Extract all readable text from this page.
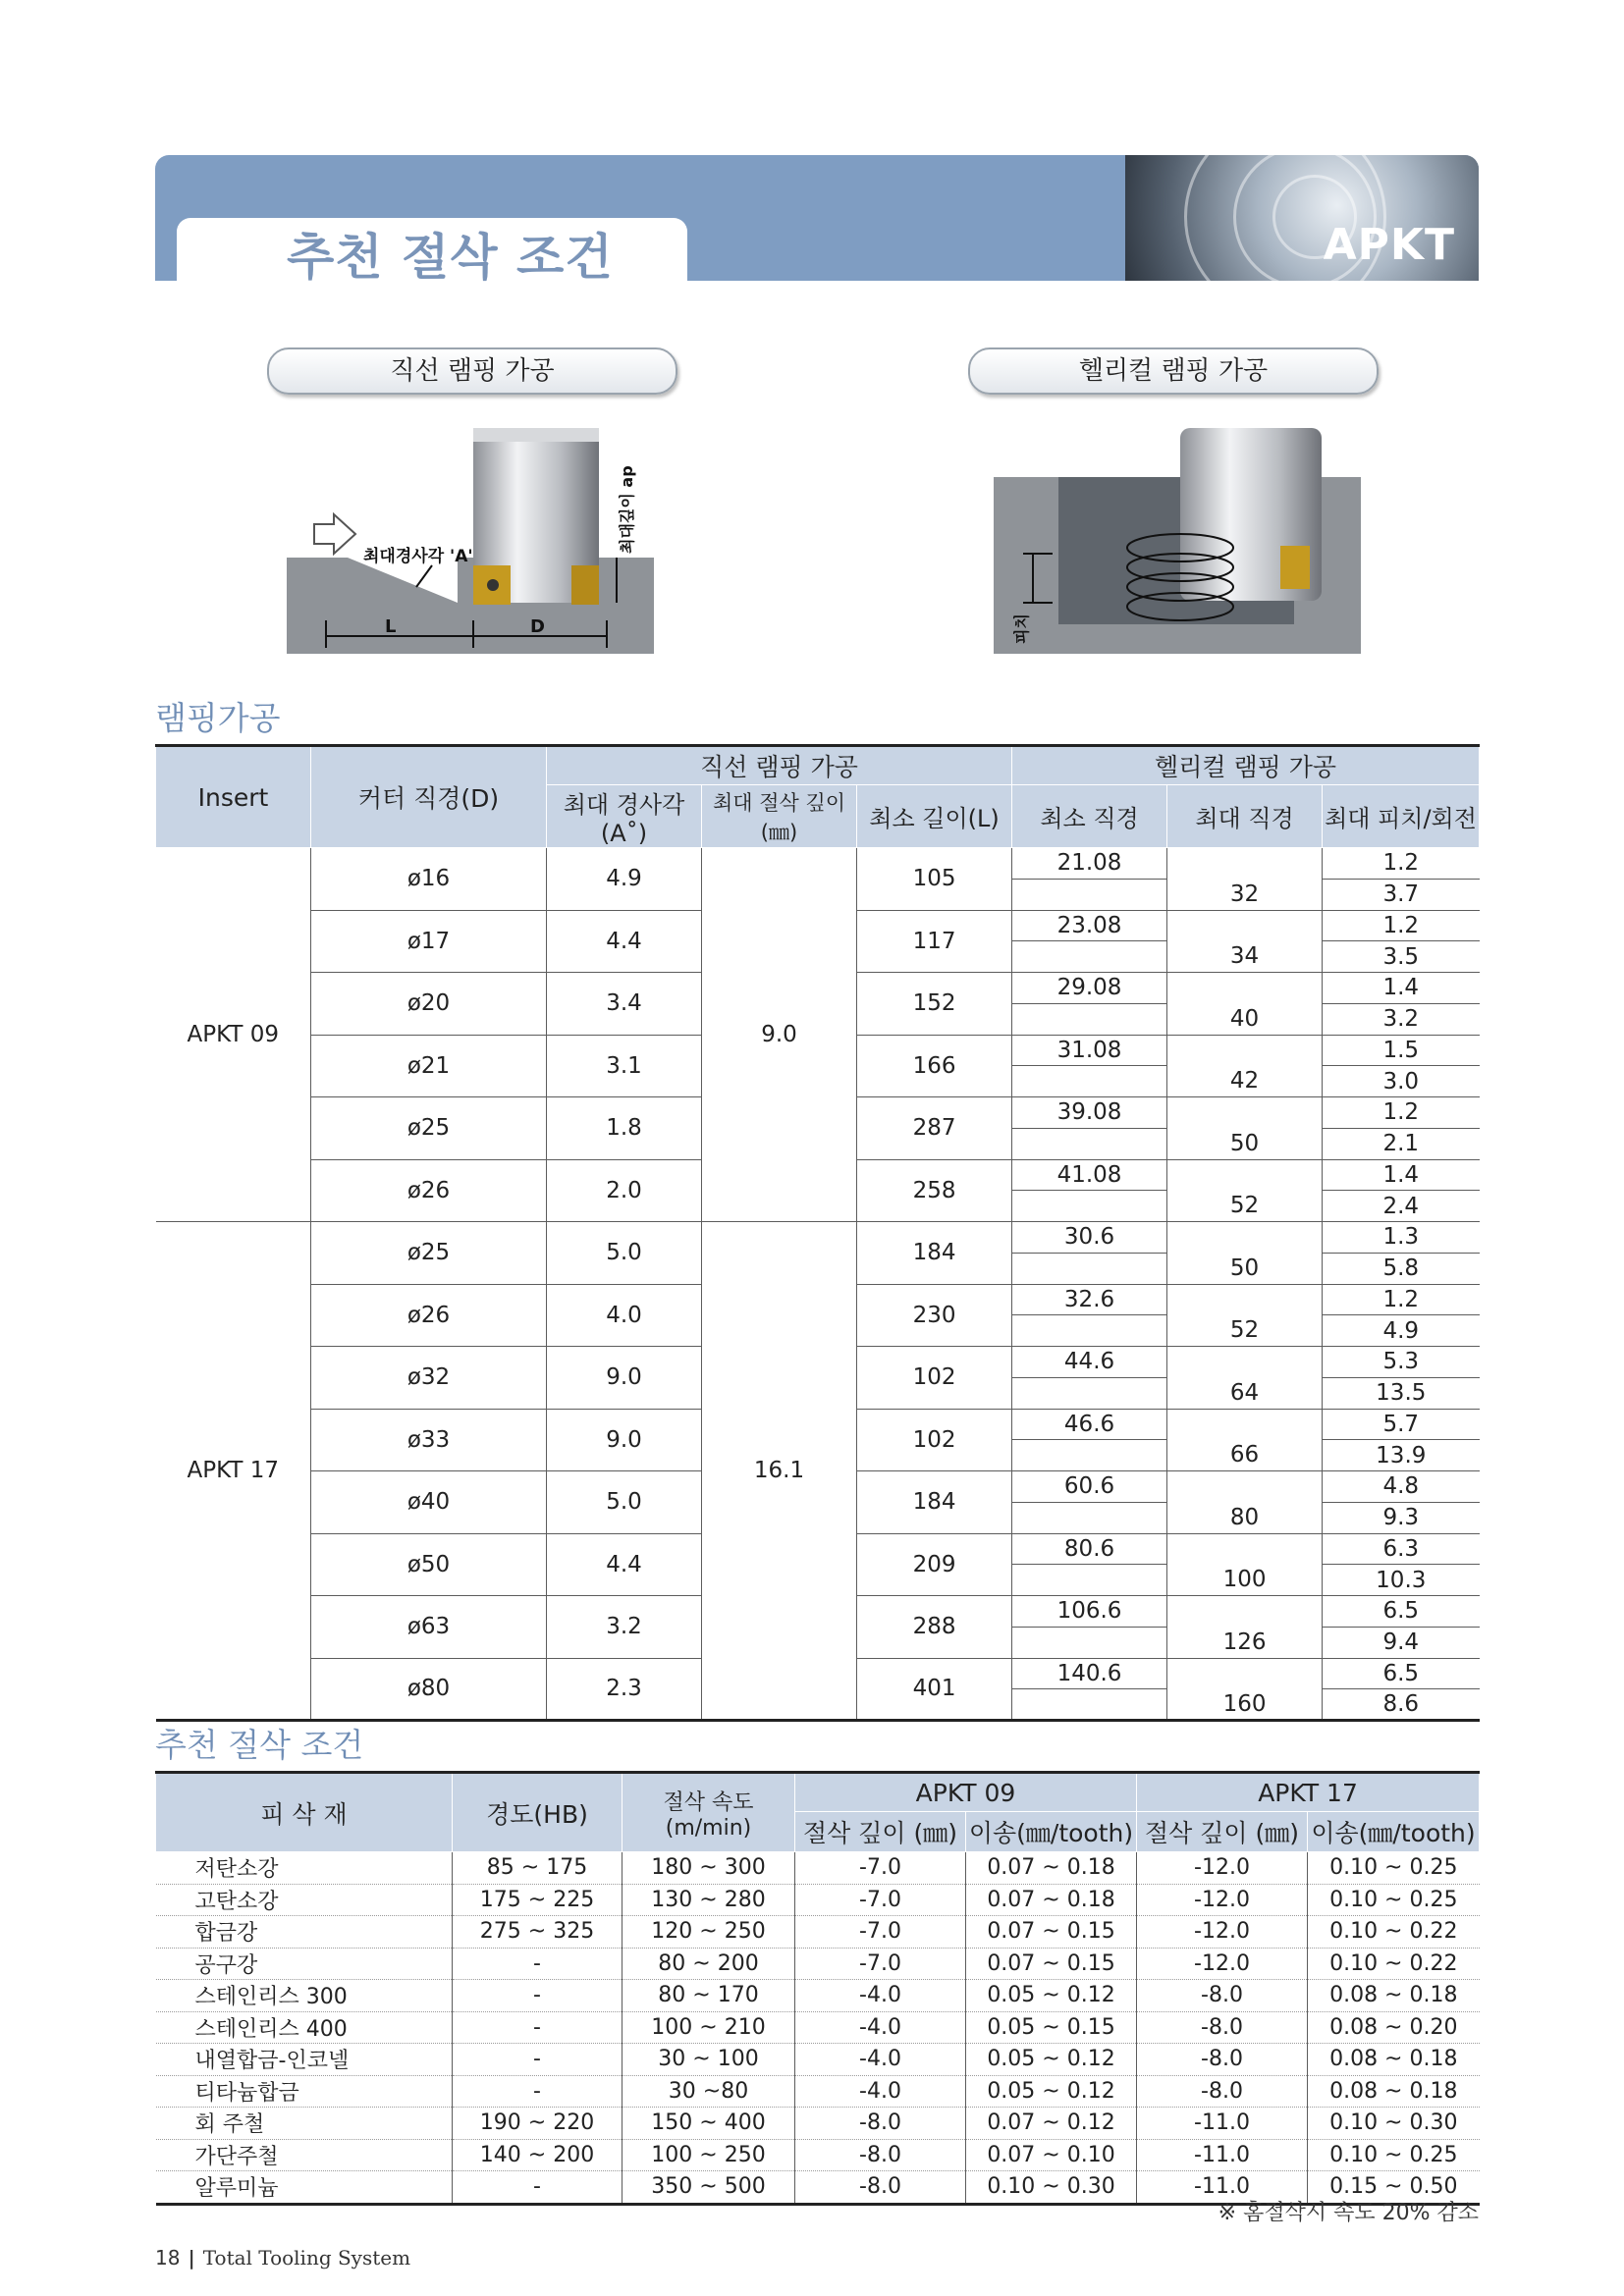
APKT
추천 절삭 조건
직선 램핑 가공	헬리컬 램핑 가공
최대경사각 'A'
L	D
최대깊이 ap
피치
램핑가공
Insert	커터 직경(D)	직선 램핑 가공			헬리컬 램핑 가공		
		최대 경사각(A˚)	최대 절삭 깊이(㎜)	최소 길이(L)	최소 직경	최대 직경	최대 피치/회전
APKT 09	ø16	4.9	9.0	105	21.08		1.2
						32	3.7
	ø17	4.4		117	23.08		1.2
						34	3.5
	ø20	3.4		152	29.08		1.4
						40	3.2
	ø21	3.1		166	31.08		1.5
						42	3.0
	ø25	1.8		287	39.08		1.2
						50	2.1
	ø26	2.0		258	41.08		1.4
						52	2.4
APKT 17	ø25	5.0	16.1	184	30.6		1.3
						50	5.8
	ø26	4.0		230	32.6		1.2
						52	4.9
	ø32	9.0		102	44.6		5.3
						64	13.5
	ø33	9.0		102	46.6		5.7
						66	13.9
	ø40	5.0		184	60.6		4.8
						80	9.3
	ø50	4.4		209	80.6		6.3
						100	10.3
	ø63	3.2		288	106.6		6.5
						126	9.4
	ø80	2.3		401	140.6		6.5
						160	8.6
추천 절삭 조건
피 삭 재	경도(HB)	절삭 속도 (m/min)	APKT 09		APKT 17	
			절삭 깊이 (㎜)	이송(㎜/tooth)	절삭 깊이 (㎜)	이송(㎜/tooth)
저탄소강	85 ~ 175	180 ~ 300	-7.0	0.07 ~ 0.18	-12.0	0.10 ~ 0.25
고탄소강	175 ~ 225	130 ~ 280	-7.0	0.07 ~ 0.18	-12.0	0.10 ~ 0.25
합금강	275 ~ 325	120 ~ 250	-7.0	0.07 ~ 0.15	-12.0	0.10 ~ 0.22
공구강	-	80 ~ 200	-7.0	0.07 ~ 0.15	-12.0	0.10 ~ 0.22
스테인리스 300	-	80 ~ 170	-4.0	0.05 ~ 0.12	-8.0	0.08 ~ 0.18
스테인리스 400	-	100 ~ 210	-4.0	0.05 ~ 0.15	-8.0	0.08 ~ 0.20
내열합금-인코넬	-	30 ~ 100	-4.0	0.05 ~ 0.12	-8.0	0.08 ~ 0.18
티타늄합금	-	30 ~80	-4.0	0.05 ~ 0.12	-8.0	0.08 ~ 0.18
회 주철	190 ~ 220	150 ~ 400	-8.0	0.07 ~ 0.12	-11.0	0.10 ~ 0.30
가단주철	140 ~ 200	100 ~ 250	-8.0	0.07 ~ 0.10	-11.0	0.10 ~ 0.25
알루미늄	-	350 ~ 500	-8.0	0.10 ~ 0.30	-11.0	0.15 ~ 0.50
※ 홈절삭시 속도 20% 감소
18 | Total Tooling System
